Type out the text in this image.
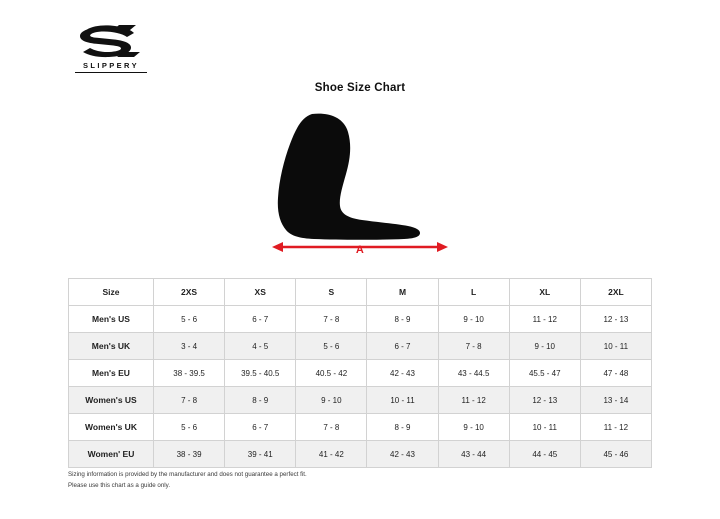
SLIPPERY
Shoe Size Chart
A
Size	2XS	XS	S	M	L	XL	2XL
Men's US	5 - 6	6 - 7	7 - 8	8 - 9	9 - 10	11 - 12	12 - 13
Men's UK	3 - 4	4 - 5	5 - 6	6 - 7	7 - 8	9 - 10	10 - 11
Men's EU	38 - 39.5	39.5 - 40.5	40.5 - 42	42 - 43	43 - 44.5	45.5 - 47	47 - 48
Women's US	7 - 8	8 - 9	9 - 10	10 - 11	11 - 12	12 - 13	13 - 14
Women's UK	5 - 6	6 - 7	7 - 8	8 - 9	9 - 10	10 - 11	11 - 12
Women' EU	38 - 39	39 - 41	41 - 42	42 - 43	43 - 44	44 - 45	45 - 46
Sizing information is provided by the manufacturer and does not guarantee a perfect fit.
Please use this chart as a guide only.
